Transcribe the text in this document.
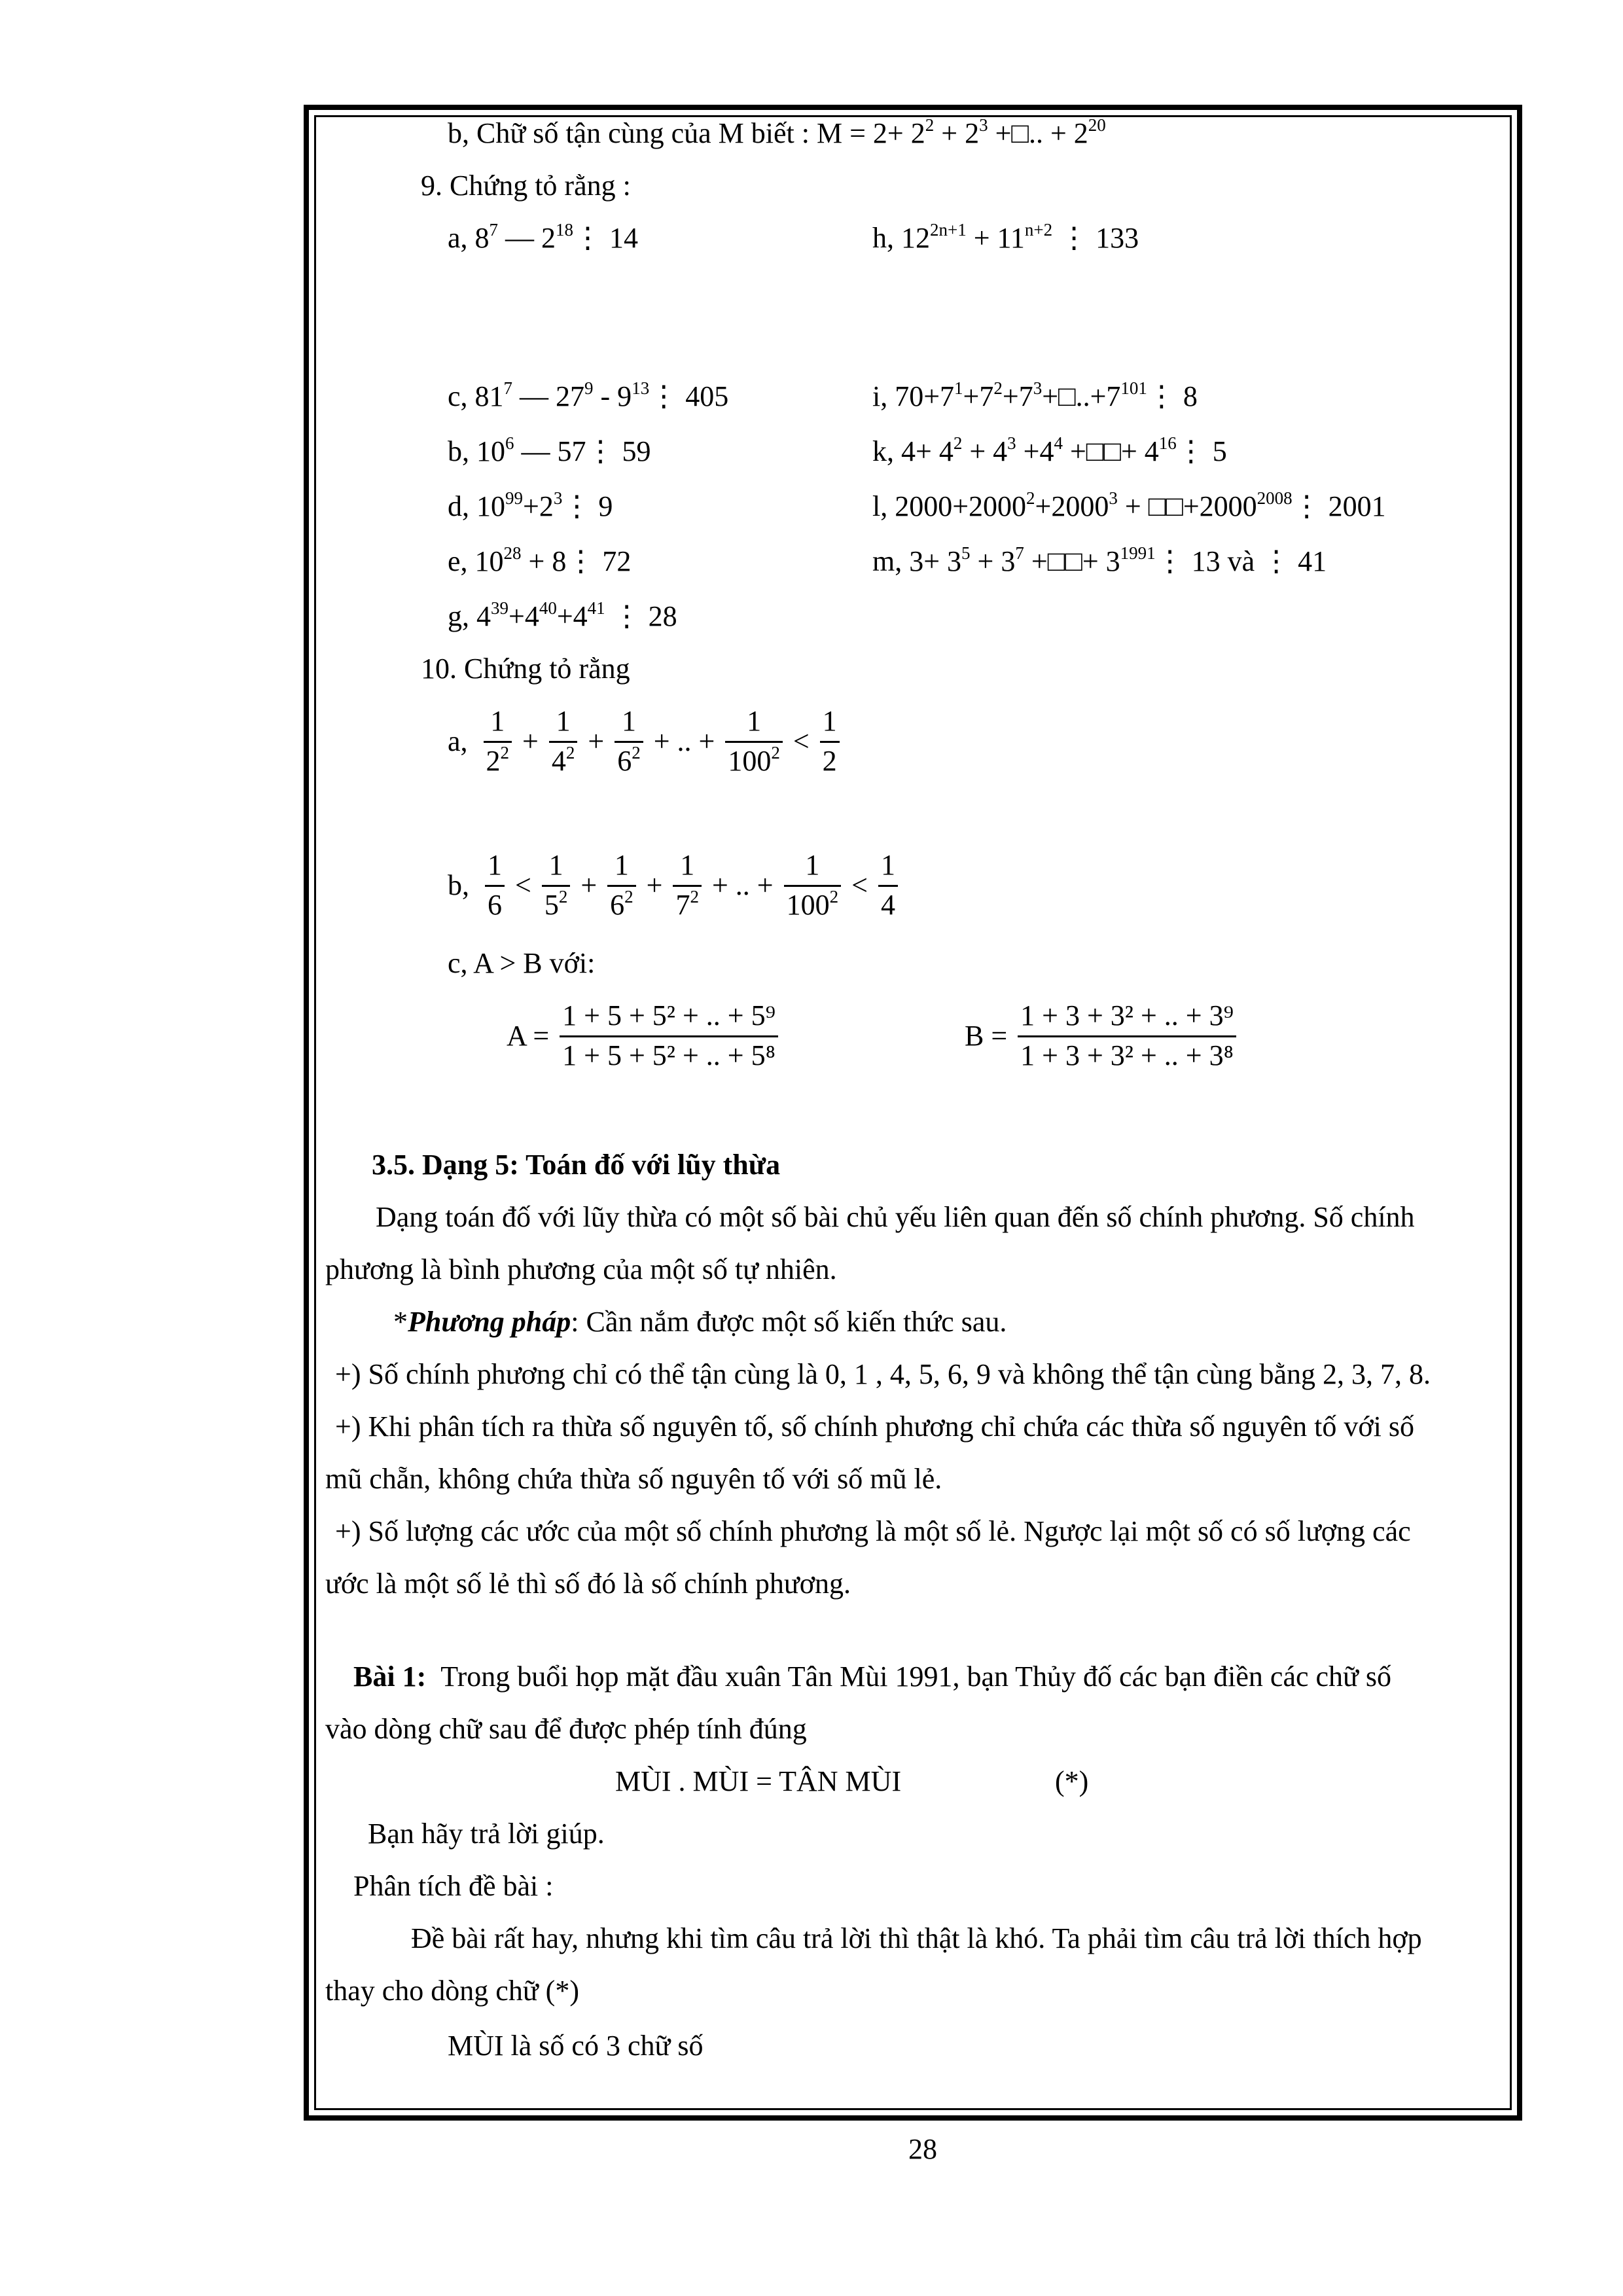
b, Chữ số tận cùng của M biết : $M = 2+ 2^2 + 2^3$ +□.. + $2^{20}$
9. Chứng tỏ rằng :
a, $8^7$ — $2^{18}⋮$ 14	h, $12^{2n+1} + 11^{n+2}$ ⋮ 133
c, $81^7$ — $27^9$ - $9^{13}⋮$ 405	i, $70+7^1+7^2+7^3+□..+7^{101}⋮$ 8
b, $10^6$ — 57⋮ 59	k, $4+ 4^2 + 4^3 +4^4$ +□□+ $4^{16}⋮$ 5
d, $10^{99}+2^3⋮$ 9	l, $2000+2000^2+2000^3$ + $□□+2000^{2008}⋮$ 2001
e, $10^{28}$ + 8⋮ 72	m, $3+ 3^5 + 3^7$ +□□+ $3^{1991}⋮$ 13 và ⋮ 41
g, $4^{39}+4^{40}+4^{41}$ ⋮ 28
10. Chứng tỏ rằng
a, $\frac{1}{2^2} + \frac{1}{4^2} + \frac{1}{6^2}$ + .. + $\frac{1}{100^2} < \frac{1}{2}$
b, $\frac{1}{6} < \frac{1}{5^2} + \frac{1}{6^2} + \frac{1}{7^2}$ + .. + $\frac{1}{100^2} < \frac{1}{4}$
c, A > B với:
$A = \frac{\text{1 + 5 + 5² + .. + 5⁹}}{\text{1 + 5 + 5² + .. + 5⁸}}$	$B = \frac{\text{1 + 3 + 3² + .. + 3⁹}}{\text{1 + 3 + 3² + .. + 3⁸}}$
3.5. Dạng 5: Toán đố với lũy thừa
Dạng toán đố với lũy thừa có một số bài chủ yếu liên quan đến số chính phương. Số chính
phương là bình phương của một số tự nhiên.
*Phương pháp: Cần nắm được một số kiến thức sau.
+) Số chính phương chỉ có thể tận cùng là 0, 1 , 4, 5, 6, 9 và không thể tận cùng bằng 2, 3, 7, 8.
+) Khi phân tích ra thừa số nguyên tố, số chính phương chỉ chứa các thừa số nguyên tố với số
mũ chẵn, không chứa thừa số nguyên tố với số mũ lẻ.
+) Số lượng các ước của một số chính phương là một số lẻ. Ngược lại một số có số lượng các
ước là một số lẻ thì số đó là số chính phương.
Bài 1: Trong buổi họp mặt đầu xuân Tân Mùi 1991, bạn Thủy đố các bạn điền các chữ số
vào dòng chữ sau để được phép tính đúng
MÙI . MÙI = TÂN MÙI	(*)
Bạn hãy trả lời giúp.
Phân tích đề bài :
Đề bài rất hay, nhưng khi tìm câu trả lời thì thật là khó. Ta phải tìm câu trả lời thích hợp
thay cho dòng chữ (*)
MÙI là số có 3 chữ số
28
